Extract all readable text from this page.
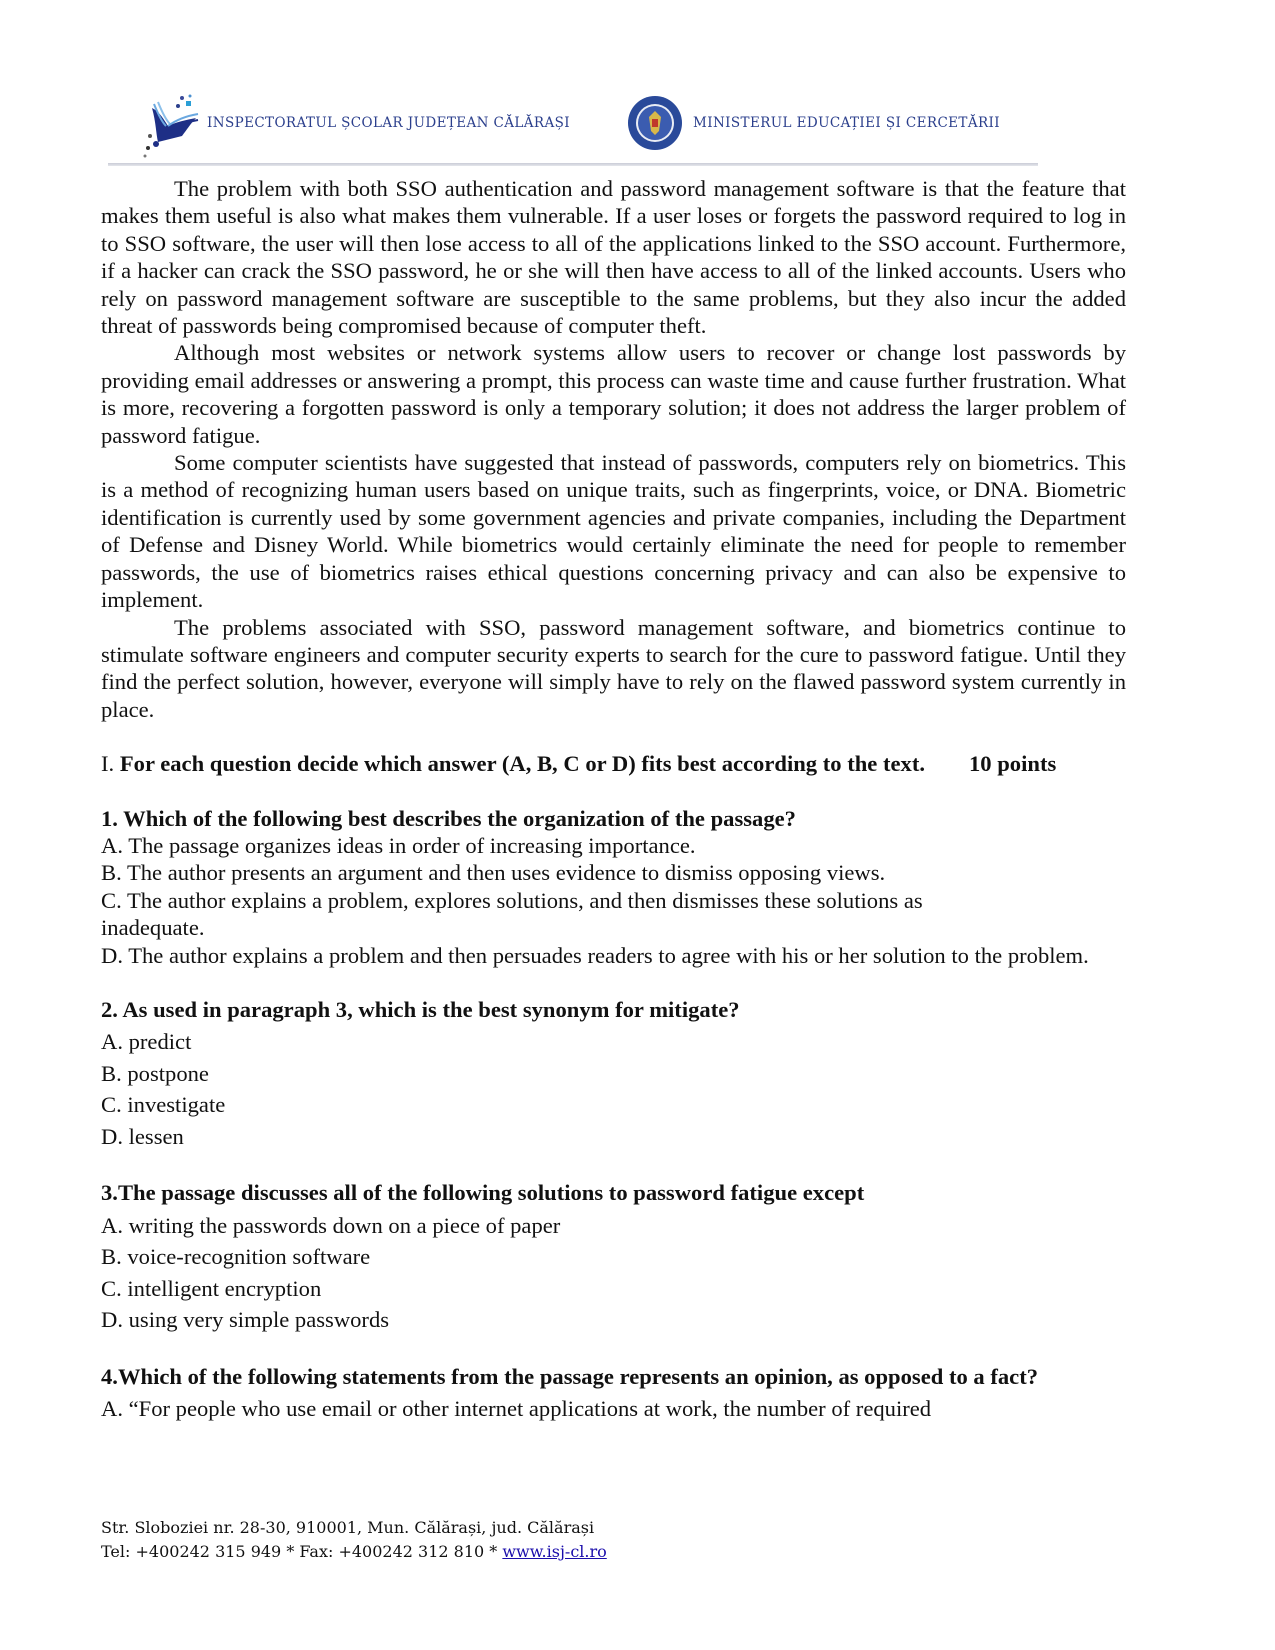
INSPECTORATUL ȘCOLAR JUDEȚEAN CĂLĂRAȘI	MINISTERUL EDUCAȚIEI ȘI CERCETĂRII

The problem with both SSO authentication and password management software is that the feature that makes them useful is also what makes them vulnerable. If a user loses or forgets the password required to log in to SSO software, the user will then lose access to all of the applications linked to the SSO account. Furthermore, if a hacker can crack the SSO password, he or she will then have access to all of the linked accounts. Users who rely on password management software are susceptible to the same problems, but they also incur the added threat of passwords being compromised because of computer theft.

Although most websites or network systems allow users to recover or change lost passwords by providing email addresses or answering a prompt, this process can waste time and cause further frustration. What is more, recovering a forgotten password is only a temporary solution; it does not address the larger problem of password fatigue.

Some computer scientists have suggested that instead of passwords, computers rely on biometrics. This is a method of recognizing human users based on unique traits, such as fingerprints, voice, or DNA. Biometric identification is currently used by some government agencies and private companies, including the Department of Defense and Disney World. While biometrics would certainly eliminate the need for people to remember passwords, the use of biometrics raises ethical questions concerning privacy and can also be expensive to implement.

The problems associated with SSO, password management software, and biometrics continue to stimulate software engineers and computer security experts to search for the cure to password fatigue. Until they find the perfect solution, however, everyone will simply have to rely on the flawed password system currently in place.

I. For each question decide which answer (A, B, C or D) fits best according to the text. 10 points

1. Which of the following best describes the organization of the passage?

A. The passage organizes ideas in order of increasing importance.

B. The author presents an argument and then uses evidence to dismiss opposing views.

C. The author explains a problem, explores solutions, and then dismisses these solutions as inadequate.

D. The author explains a problem and then persuades readers to agree with his or her solution to the problem.

2. As used in paragraph 3, which is the best synonym for mitigate?

A. predict

B. postpone

C. investigate

D. lessen

3.The passage discusses all of the following solutions to password fatigue except

A. writing the passwords down on a piece of paper

B. voice-recognition software

C. intelligent encryption

D. using very simple passwords

4.Which of the following statements from the passage represents an opinion, as opposed to a fact?

A. “For people who use email or other internet applications at work, the number of required

Str. Sloboziei nr. 28-30, 910001, Mun. Călărași, jud. Călărași
Tel: +400242 315 949 * Fax: +400242 312 810 * www.isj-cl.ro
